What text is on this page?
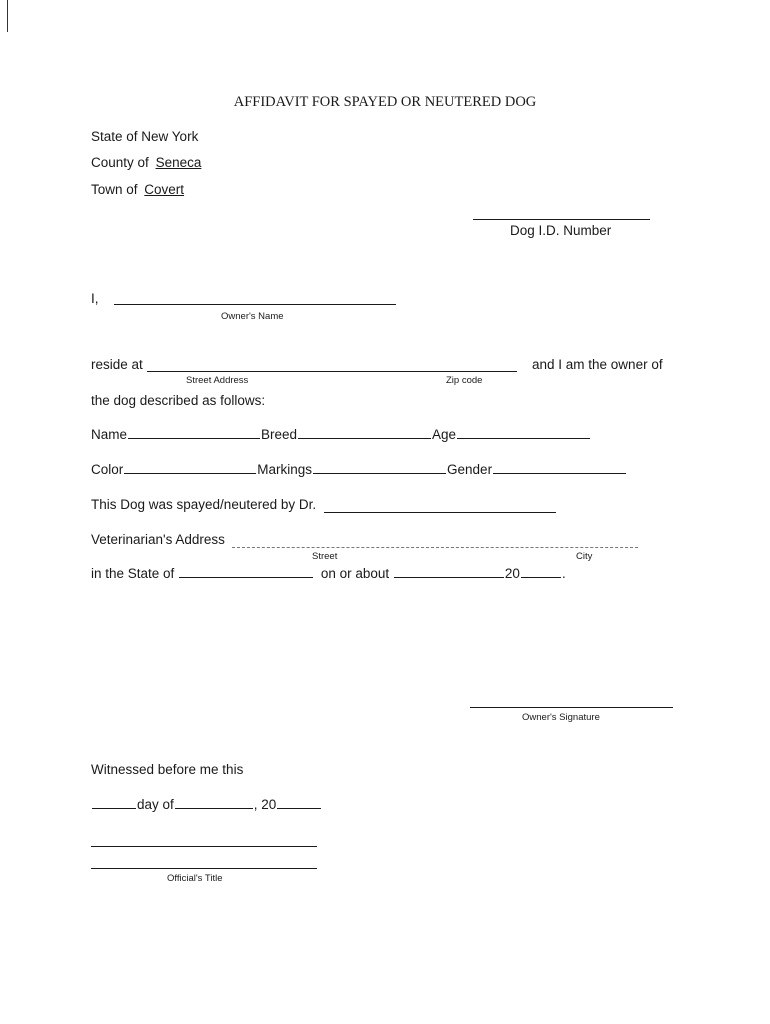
AFFIDAVIT FOR SPAYED OR NEUTERED DOG
State of New York
County of Seneca
Town of Covert
Dog I.D. Number
I,
Owner's Name
reside at	and I am the owner of
Street Address	Zip code
the dog described as follows:
Name	Breed	Age
Color	Markings	Gender
This Dog was spayed/neutered by Dr.
Veterinarian's Address
Street	City
in the State of	on or about	20	.
Owner's Signature
Witnessed before me this
day of	, 20
Official's Title
